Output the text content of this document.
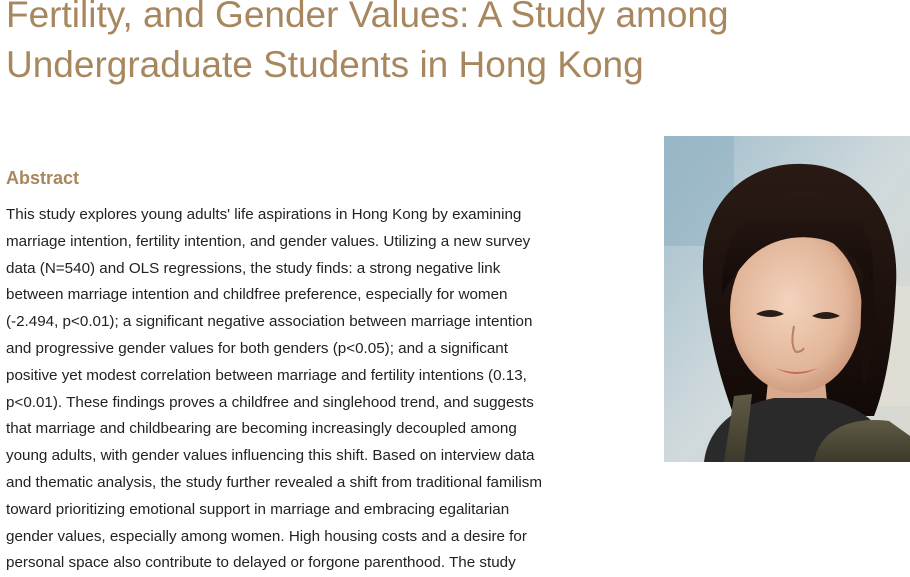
Fertility, and Gender Values: A Study among
Undergraduate Students in Hong Kong
Abstract
This study explores young adults' life aspirations in Hong Kong by examining
marriage intention, fertility intention, and gender values. Utilizing a new survey
data (N=540) and OLS regressions, the study finds: a strong negative link
between marriage intention and childfree preference, especially for women
(-2.494, p<0.01); a significant negative association between marriage intention
and progressive gender values for both genders (p<0.05); and a significant
positive yet modest correlation between marriage and fertility intentions (0.13,
p<0.01). These findings proves a childfree and singlehood trend, and suggests
that marriage and childbearing are becoming increasingly decoupled among
young adults, with gender values influencing this shift. Based on interview data
and thematic analysis, the study further revealed a shift from traditional familism
toward prioritizing emotional support in marriage and embracing egalitarian
gender values, especially among women. High housing costs and a desire for
personal space also contribute to delayed or forgone parenthood. The study
